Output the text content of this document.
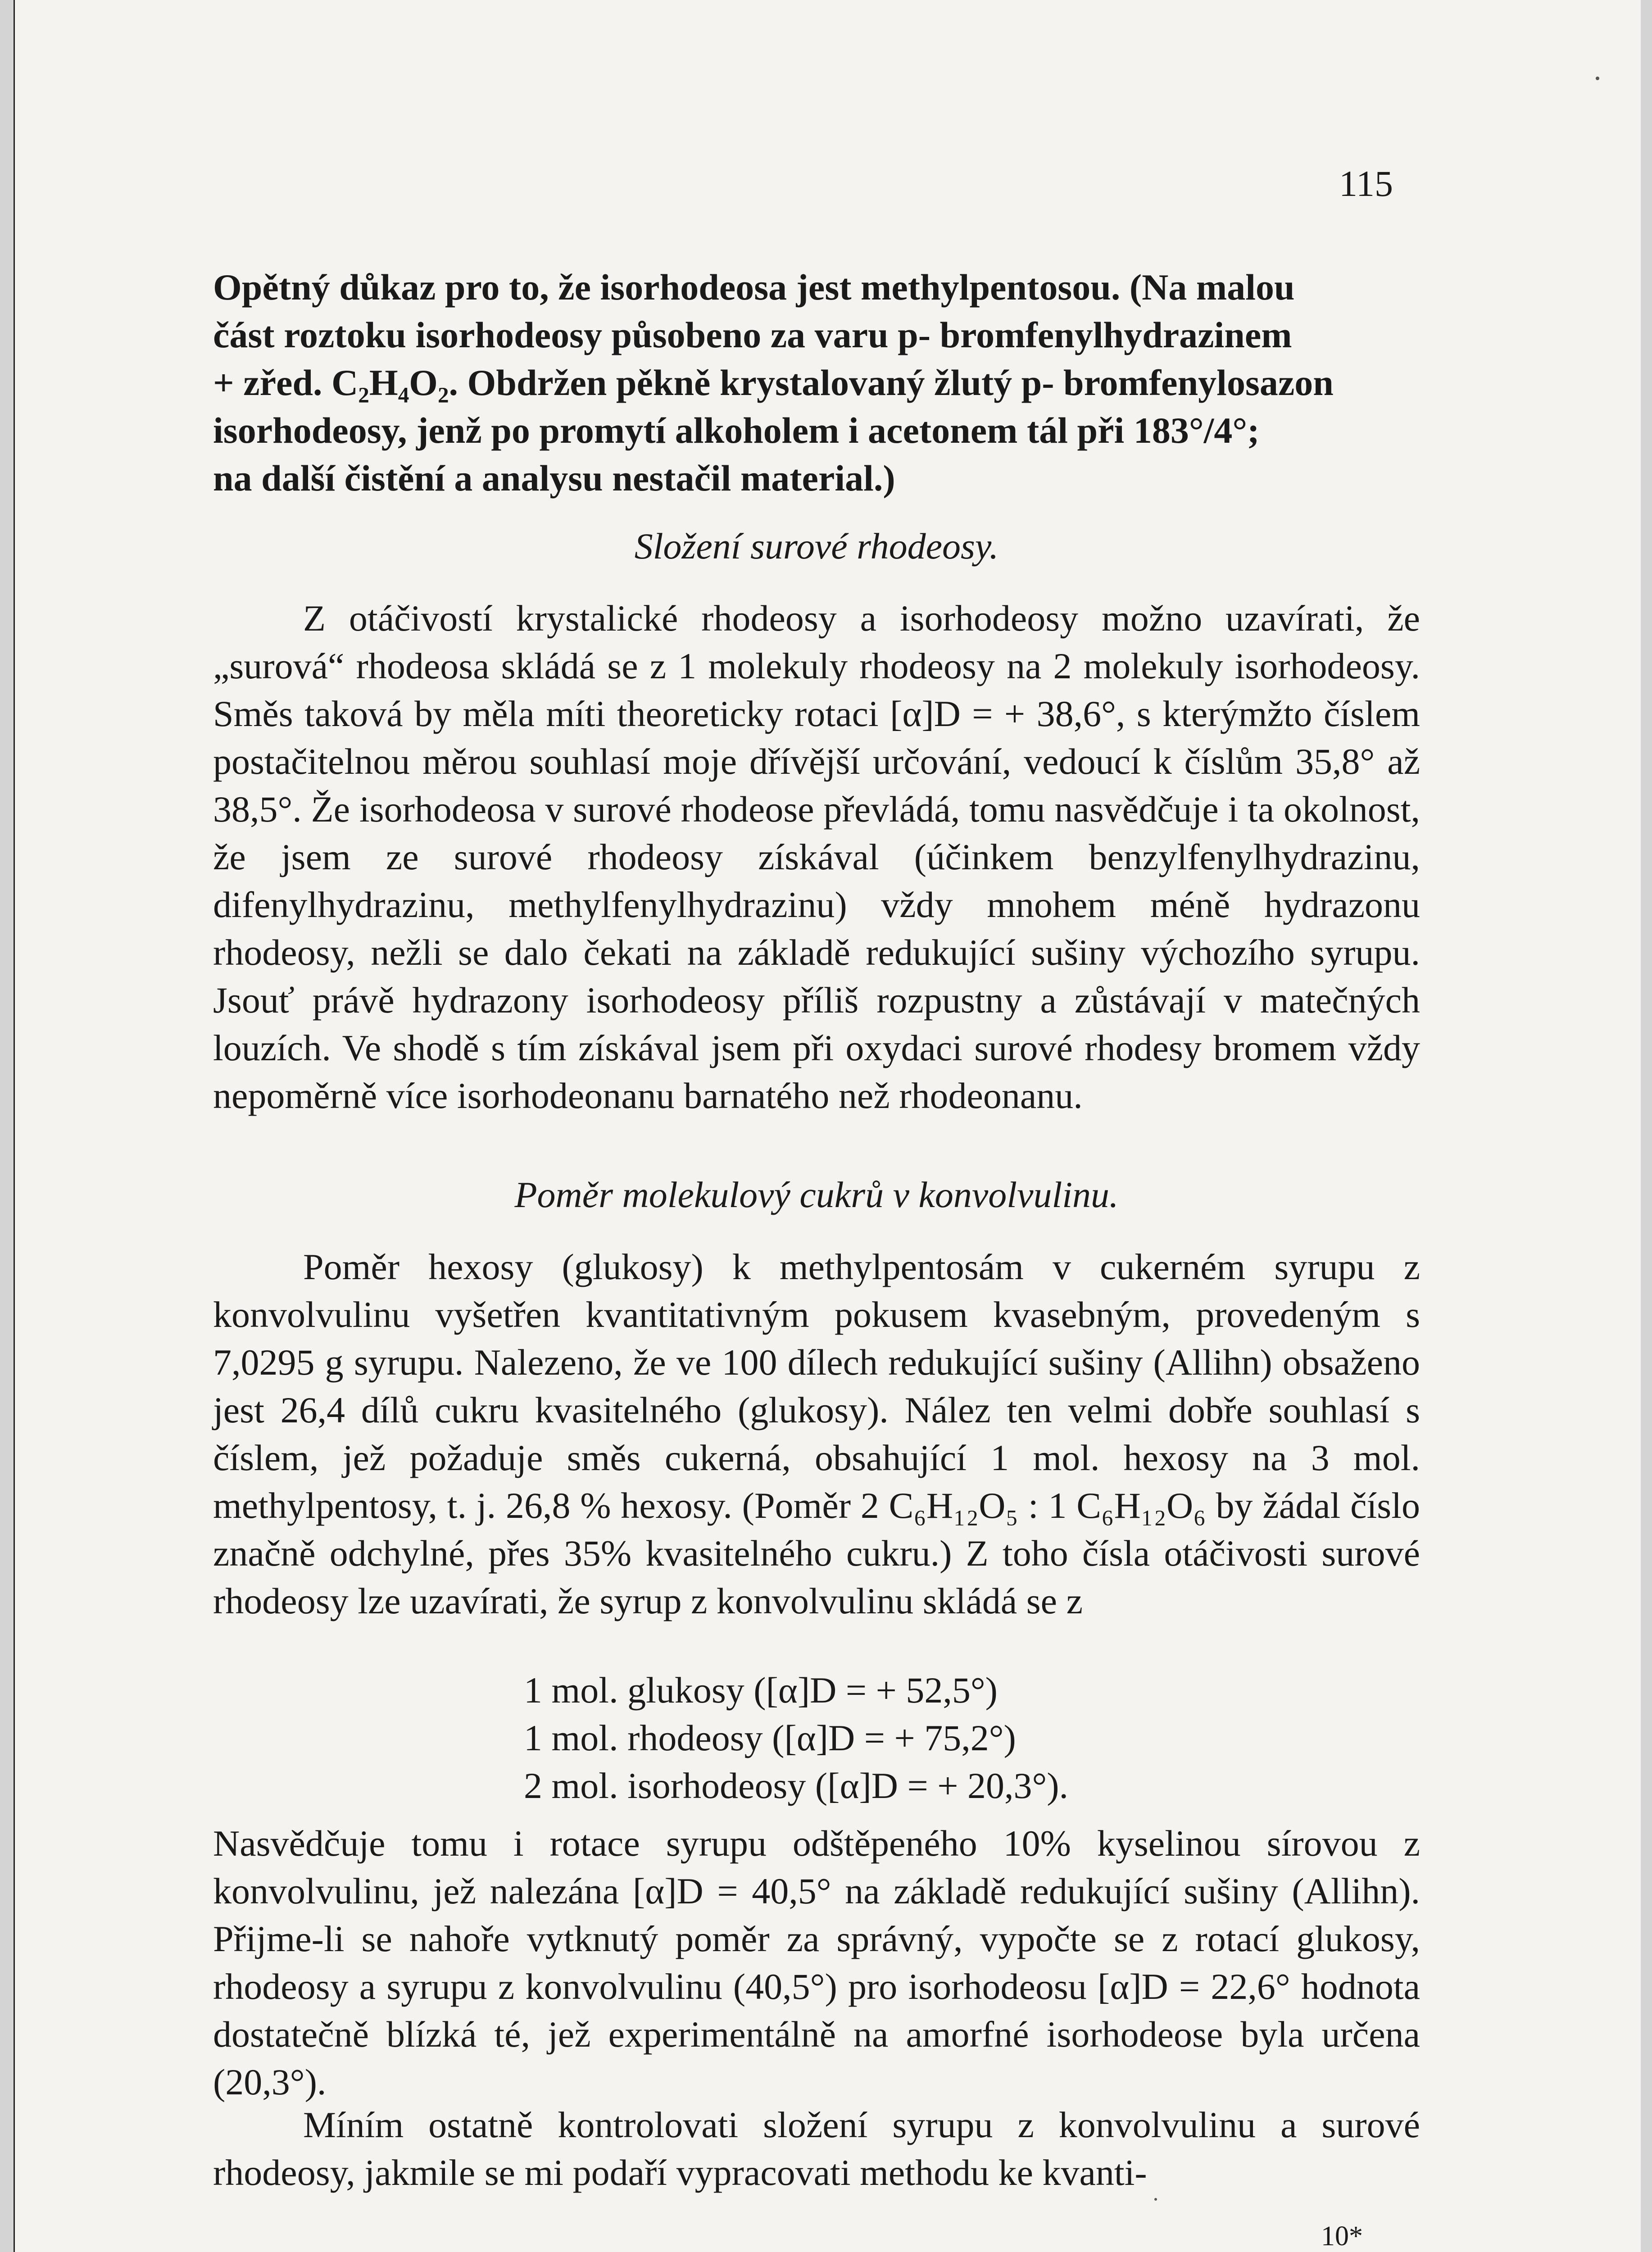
115

Opětný důkaz pro to, že isorhodeosa jest methylpentosou. (Na malou

část roztoku isorhodeosy působeno za varu p- bromfenylhydrazinem

+ zřed. C₂H₄O₂. Obdržen pěkně krystalovaný žlutý p- bromfenylosazon

isorhodeosy, jenž po promytí alkoholem i acetonem tál při 183°/4°;

na další čistění a analysu nestačil material.)

Složení surové rhodeosy.

Z otáčivostí krystalické rhodeosy a isorhodeosy možno uzavírati, že „surová“ rhodeosa skládá se z 1 molekuly rhodeosy na 2 molekuly isorhodeosy. Směs taková by měla míti theoreticky rotaci [α]D = + 38,6°, s kterýmžto číslem postačitelnou měrou souhlasí moje dřívější určování, vedoucí k číslům 35,8° až 38,5°. Že isorhodeosa v surové rhodeose převládá, tomu nasvědčuje i ta okolnost, že jsem ze surové rhodeosy získával (účinkem benzylfenylhydrazinu, difenylhydrazinu, methylfenylhydrazinu) vždy mnohem méně hydrazonu rhodeosy, nežli se dalo čekati na základě redukující sušiny výchozího syrupu. Jsouť právě hydrazony isorhodeosy příliš rozpustny a zůstávají v matečných louzích. Ve shodě s tím získával jsem při oxydaci surové rhodesy bromem vždy nepoměrně více isorhodeonanu barnatého než rhodeonanu.

Poměr molekulový cukrů v konvolvulinu.

Poměr hexosy (glukosy) k methylpentosám v cukerném syrupu z konvolvulinu vyšetřen kvantitativným pokusem kvasebným, provedeným s 7,0295 g syrupu. Nalezeno, že ve 100 dílech redukující sušiny (Allihn) obsaženo jest 26,4 dílů cukru kvasitelného (glukosy). Nález ten velmi dobře souhlasí s číslem, jež požaduje směs cukerná, obsahující 1 mol. hexosy na 3 mol. methylpentosy, t. j. 26,8 % hexosy. (Poměr 2 C₆H₁₂O₅ : 1 C₆H₁₂O₆ by žádal číslo značně odchylné, přes 35% kvasitelného cukru.) Z toho čísla otáčivosti surové rhodeosy lze uzavírati, že syrup z konvolvulinu skládá se z

1 mol. glukosy ([α]D = + 52,5°)
1 mol. rhodeosy ([α]D = + 75,2°)
2 mol. isorhodeosy ([α]D = + 20,3°).

Nasvědčuje tomu i rotace syrupu odštěpeného 10% kyselinou sírovou z konvolvulinu, jež nalezána [α]D = 40,5° na základě redukující sušiny (Allihn). Přijme-li se nahoře vytknutý poměr za správný, vypočte se z rotací glukosy, rhodeosy a syrupu z konvolvulinu (40,5°) pro isorhodeosu [α]D = 22,6° hodnota dostatečně blízká té, jež experimentálně na amorfné isorhodeose byla určena (20,3°).

Míním ostatně kontrolovati složení syrupu z konvolvulinu a surové rhodeosy, jakmile se mi podaří vypracovati methodu ke kvanti-

10*
